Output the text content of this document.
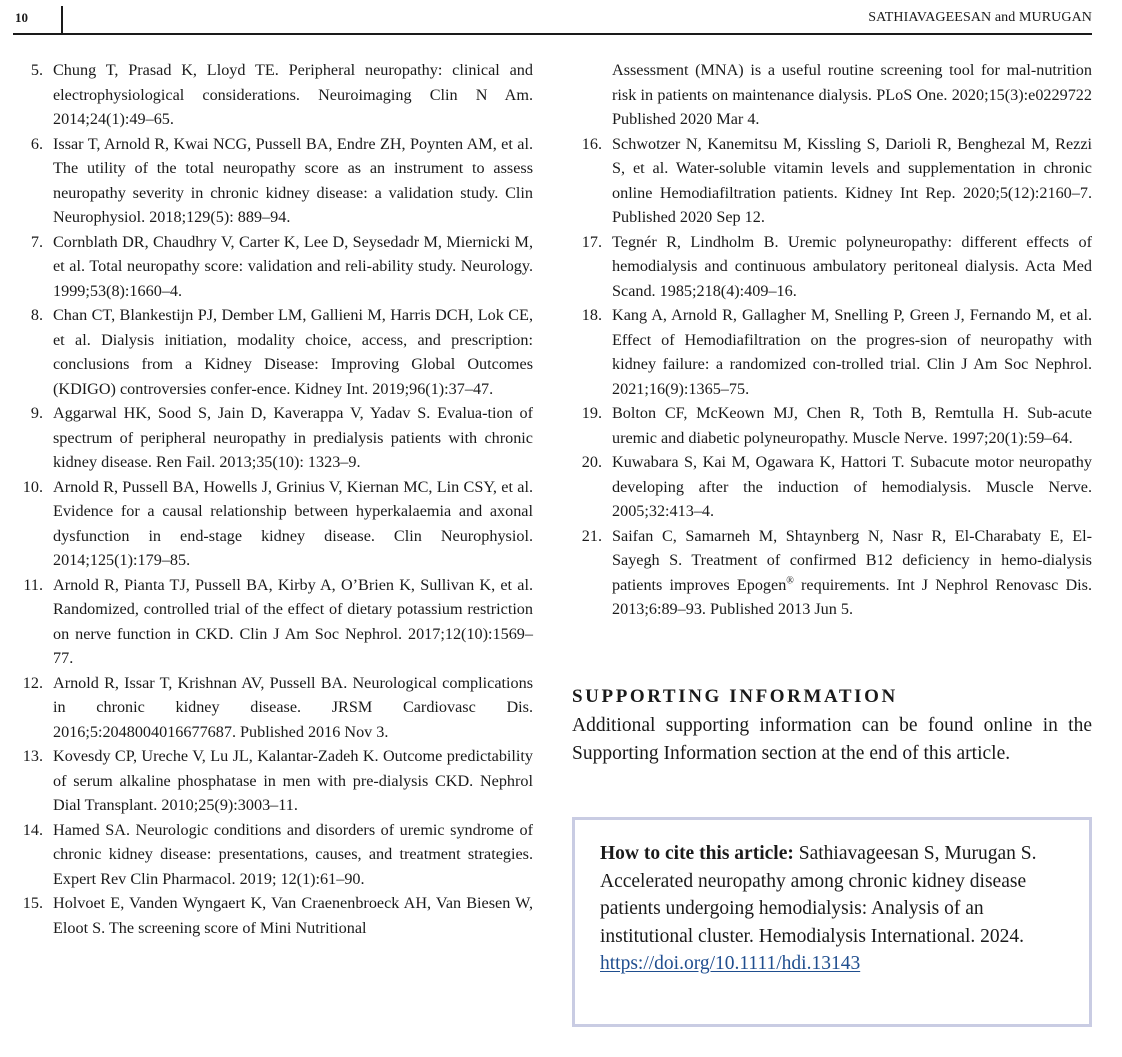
10	SATHIAVAGEESAN and MURUGAN
5. Chung T, Prasad K, Lloyd TE. Peripheral neuropathy: clinical and electrophysiological considerations. Neuroimaging Clin N Am. 2014;24(1):49–65.
6. Issar T, Arnold R, Kwai NCG, Pussell BA, Endre ZH, Poynten AM, et al. The utility of the total neuropathy score as an instrument to assess neuropathy severity in chronic kidney disease: a validation study. Clin Neurophysiol. 2018;129(5): 889–94.
7. Cornblath DR, Chaudhry V, Carter K, Lee D, Seysedadr M, Miernicki M, et al. Total neuropathy score: validation and reli-ability study. Neurology. 1999;53(8):1660–4.
8. Chan CT, Blankestijn PJ, Dember LM, Gallieni M, Harris DCH, Lok CE, et al. Dialysis initiation, modality choice, access, and prescription: conclusions from a Kidney Disease: Improving Global Outcomes (KDIGO) controversies confer-ence. Kidney Int. 2019;96(1):37–47.
9. Aggarwal HK, Sood S, Jain D, Kaverappa V, Yadav S. Evalua-tion of spectrum of peripheral neuropathy in predialysis patients with chronic kidney disease. Ren Fail. 2013;35(10): 1323–9.
10. Arnold R, Pussell BA, Howells J, Grinius V, Kiernan MC, Lin CSY, et al. Evidence for a causal relationship between hyperkalaemia and axonal dysfunction in end-stage kidney disease. Clin Neurophysiol. 2014;125(1):179–85.
11. Arnold R, Pianta TJ, Pussell BA, Kirby A, O’Brien K, Sullivan K, et al. Randomized, controlled trial of the effect of dietary potassium restriction on nerve function in CKD. Clin J Am Soc Nephrol. 2017;12(10):1569–77.
12. Arnold R, Issar T, Krishnan AV, Pussell BA. Neurological complications in chronic kidney disease. JRSM Cardiovasc Dis. 2016;5:2048004016677687. Published 2016 Nov 3.
13. Kovesdy CP, Ureche V, Lu JL, Kalantar-Zadeh K. Outcome predictability of serum alkaline phosphatase in men with pre-dialysis CKD. Nephrol Dial Transplant. 2010;25(9):3003–11.
14. Hamed SA. Neurologic conditions and disorders of uremic syndrome of chronic kidney disease: presentations, causes, and treatment strategies. Expert Rev Clin Pharmacol. 2019; 12(1):61–90.
15. Holvoet E, Vanden Wyngaert K, Van Craenenbroeck AH, Van Biesen W, Eloot S. The screening score of Mini Nutritional
Assessment (MNA) is a useful routine screening tool for mal-nutrition risk in patients on maintenance dialysis. PLoS One. 2020;15(3):e0229722 Published 2020 Mar 4.
16. Schwotzer N, Kanemitsu M, Kissling S, Darioli R, Benghezal M, Rezzi S, et al. Water-soluble vitamin levels and supplementation in chronic online Hemodiafiltration patients. Kidney Int Rep. 2020;5(12):2160–7. Published 2020 Sep 12.
17. Tegnér R, Lindholm B. Uremic polyneuropathy: different effects of hemodialysis and continuous ambulatory peritoneal dialysis. Acta Med Scand. 1985;218(4):409–16.
18. Kang A, Arnold R, Gallagher M, Snelling P, Green J, Fernando M, et al. Effect of Hemodiafiltration on the progres-sion of neuropathy with kidney failure: a randomized con-trolled trial. Clin J Am Soc Nephrol. 2021;16(9):1365–75.
19. Bolton CF, McKeown MJ, Chen R, Toth B, Remtulla H. Sub-acute uremic and diabetic polyneuropathy. Muscle Nerve. 1997;20(1):59–64.
20. Kuwabara S, Kai M, Ogawara K, Hattori T. Subacute motor neuropathy developing after the induction of hemodialysis. Muscle Nerve. 2005;32:413–4.
21. Saifan C, Samarneh M, Shtaynberg N, Nasr R, El-Charabaty E, El-Sayegh S. Treatment of confirmed B12 deficiency in hemo-dialysis patients improves Epogen® requirements. Int J Nephrol Renovasc Dis. 2013;6:89–93. Published 2013 Jun 5.
SUPPORTING INFORMATION

Additional supporting information can be found online in the Supporting Information section at the end of this article.

How to cite this article: Sathiavageesan S, Murugan S. Accelerated neuropathy among chronic kidney disease patients undergoing hemodialysis: Analysis of an institutional cluster. Hemodialysis International. 2024. https://doi.org/10.1111/hdi.13143
